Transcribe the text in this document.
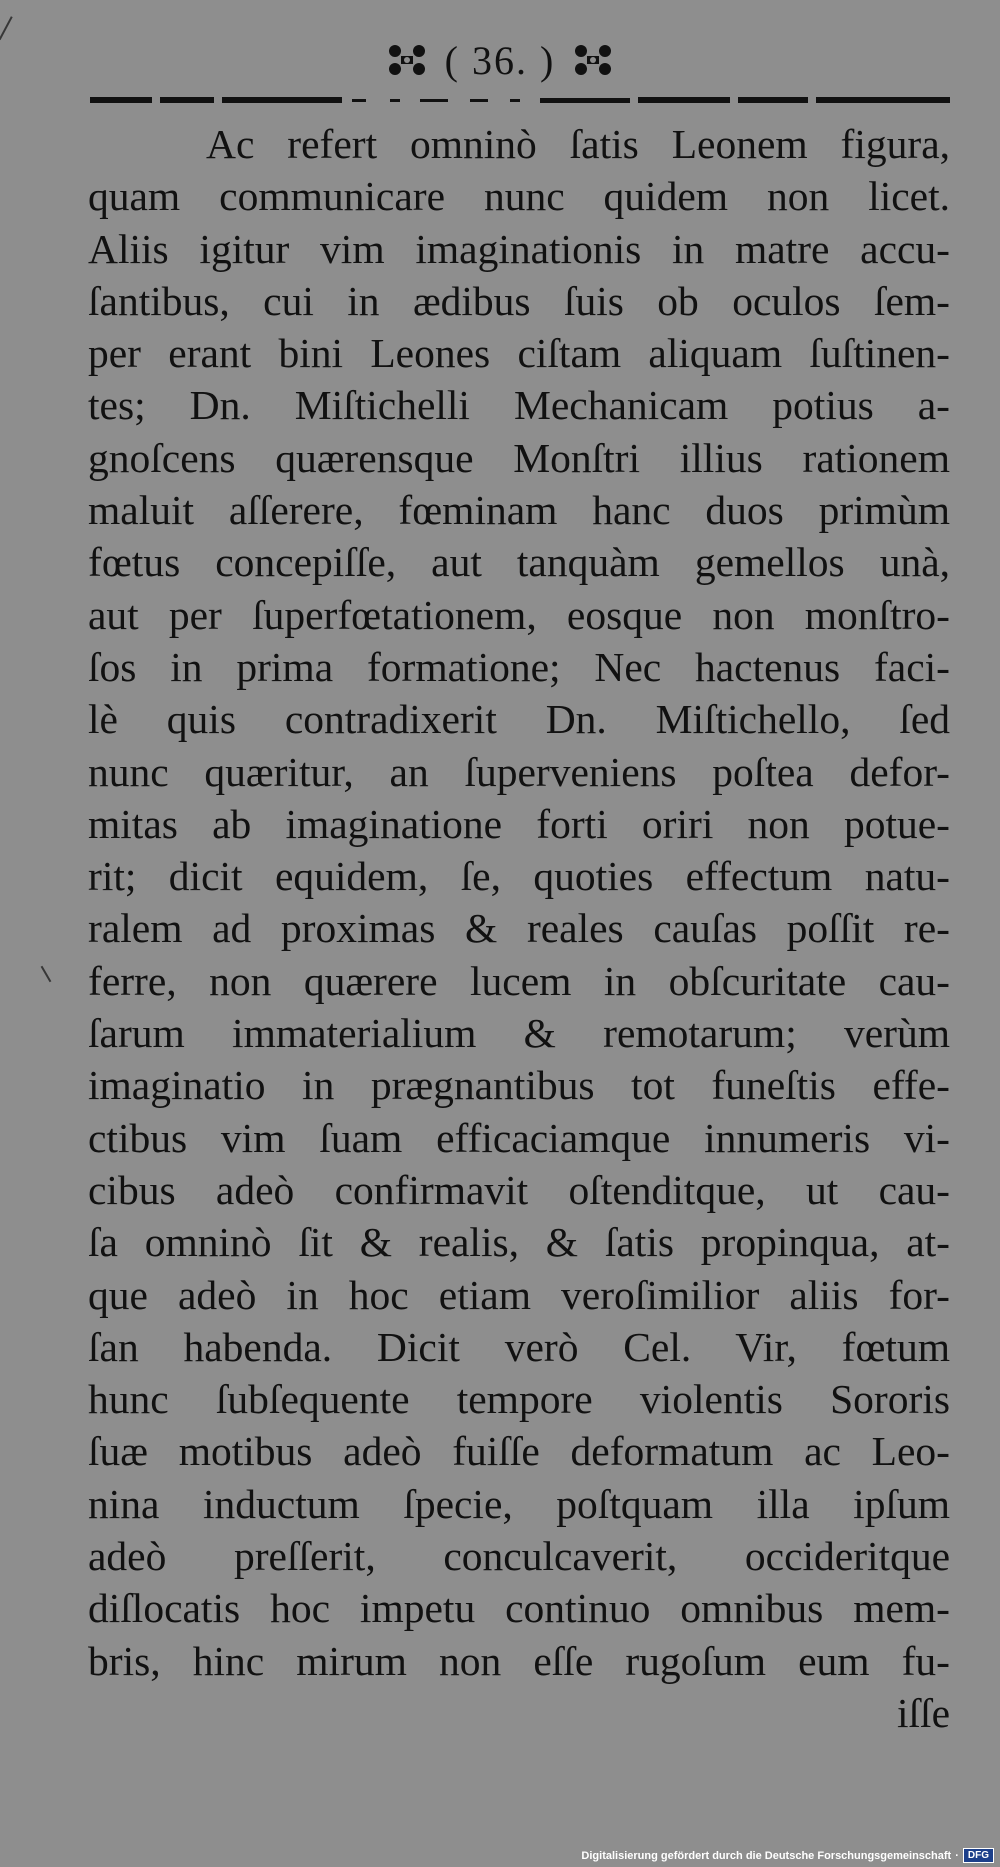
( 36. )
Ac refert omninò ſatis Leonem figura,
quam communicare nunc quidem non licet.
Aliis igitur vim imaginationis in matre accu-
ſantibus, cui in ædibus ſuis ob oculos ſem-
per erant bini Leones ciſtam aliquam ſuſtinen-
tes; Dn. Miſtichelli Mechanicam potius a-
gnoſcens quærensque Monſtri illius rationem
maluit aſſerere, fœminam hanc duos primùm
fœtus concepiſſe, aut tanquàm gemellos unà,
aut per ſuperfœtationem, eosque non monſtro-
ſos in prima formatione; Nec hactenus faci-
lè quis contradixerit Dn. Miſtichello, ſed
nunc quæritur, an ſuperveniens poſtea defor-
mitas ab imaginatione forti oriri non potue-
rit; dicit equidem, ſe, quoties effectum natu-
ralem ad proximas & reales cauſas poſſit re-
ferre, non quærere lucem in obſcuritate cau-
ſarum immaterialium & remotarum; verùm
imaginatio in prægnantibus tot funeſtis effe-
ctibus vim ſuam efficaciamque innumeris vi-
cibus adeò confirmavit oſtenditque, ut cau-
ſa omninò ſit & realis, & ſatis propinqua, at-
que adeò in hoc etiam veroſimilior aliis for-
ſan habenda. Dicit verò Cel. Vir, fœtum
hunc ſubſequente tempore violentis Sororis
ſuæ motibus adeò fuiſſe deformatum ac Leo-
nina inductum ſpecie, poſtquam illa ipſum
adeò preſſerit, conculcaverit, occideritque
diſlocatis hoc impetu continuo omnibus mem-
bris, hinc mirum non eſſe rugoſum eum fu-
iſſe
Digitalisierung gefördert durch die Deutsche Forschungsgemeinschaft · DFG
